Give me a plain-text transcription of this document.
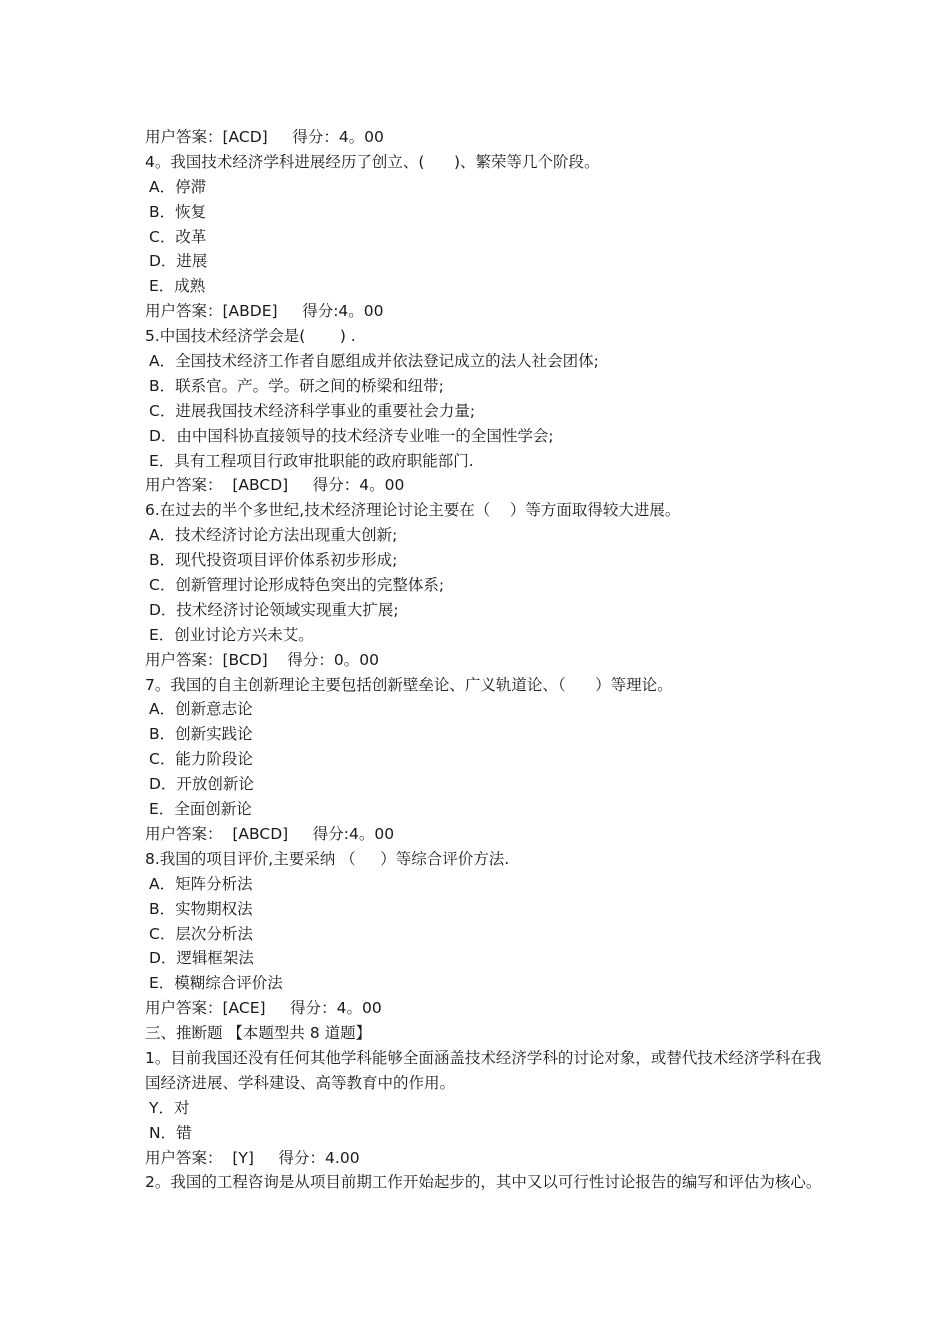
用户答案：[ACD]     得分：4。00
4。我国技术经济学科进展经历了创立、(      )、繁荣等几个阶段。
A．停滞
B．恢复
C．改革
D．进展
E．成熟
用户答案：[ABDE]     得分:4。00
5.中国技术经济学会是(       ) .
A．全国技术经济工作者自愿组成并依法登记成立的法人社会团体;
B．联系官。产。学。研之间的桥梁和纽带;
C．进展我国技术经济科学事业的重要社会力量;
D．由中国科协直接领导的技术经济专业唯一的全国性学会;
E．具有工程项目行政审批职能的政府职能部门.
用户答案：  [ABCD]     得分：4。00
6.在过去的半个多世纪,技术经济理论讨论主要在（    ）等方面取得较大进展。
A．技术经济讨论方法出现重大创新;
B．现代投资项目评价体系初步形成;
C．创新管理讨论形成特色突出的完整体系;
D．技术经济讨论领域实现重大扩展;
E．创业讨论方兴未艾。
用户答案：[BCD]    得分：0。00
7。我国的自主创新理论主要包括创新壁垒论、广义轨道论、（      ）等理论。
A．创新意志论
B．创新实践论
C．能力阶段论
D．开放创新论
E．全面创新论
用户答案：  [ABCD]     得分:4。00
8.我国的项目评价,主要采纳 （     ）等综合评价方法.
A．矩阵分析法
B．实物期权法
C．层次分析法
D．逻辑框架法
E．模糊综合评价法
用户答案：[ACE]     得分：4。00
三、推断题 【本题型共 8 道题】
1。目前我国还没有任何其他学科能够全面涵盖技术经济学科的讨论对象，或替代技术经济学科在我国经济进展、学科建设、高等教育中的作用。
Y．对
N．错
用户答案：  [Y]     得分：4.00
2。我国的工程咨询是从项目前期工作开始起步的，其中又以可行性讨论报告的编写和评估为核心。
